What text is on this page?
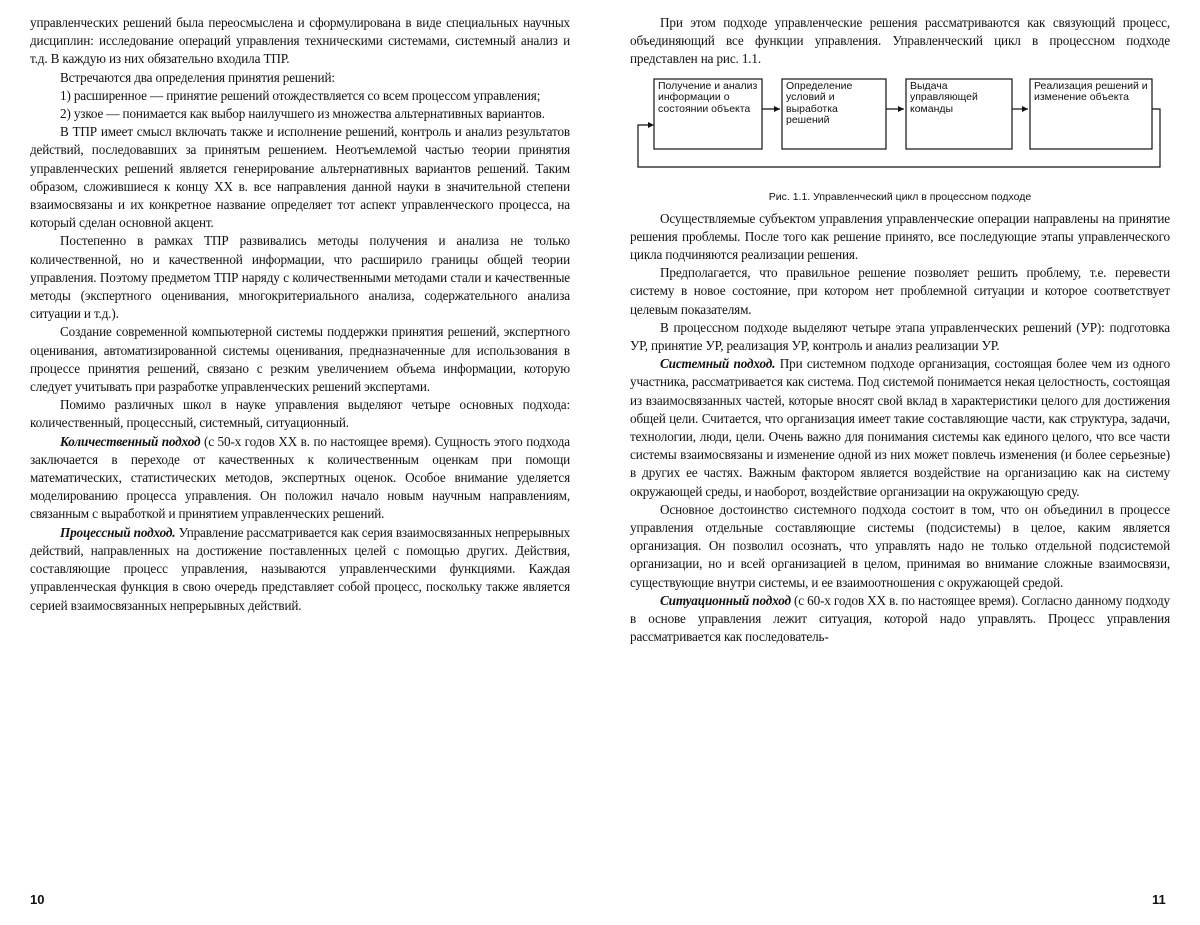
управленческих решений была переосмыслена и сформулирована в виде специальных научных дисциплин: исследование операций управления техническими системами, системный анализ и т.д. В каждую из них обязательно входила ТПР.

Встречаются два определения принятия решений:

1) расширенное — принятие решений отождествляется со всем процессом управления;

2) узкое — понимается как выбор наилучшего из множества альтернативных вариантов.

В ТПР имеет смысл включать также и исполнение решений, контроль и анализ результатов действий, последовавших за принятым решением. Неотъемлемой частью теории принятия управленческих решений является генерирование альтернативных вариантов решений. Таким образом, сложившиеся к концу XX в. все направления данной науки в значительной степени взаимосвязаны и их конкретное название определяет тот аспект управленческого процесса, на который сделан основной акцент.

Постепенно в рамках ТПР развивались методы получения и анализа не только количественной, но и качественной информации, что расширило границы общей теории управления. Поэтому предметом ТПР наряду с количественными методами стали и качественные методы (экспертного оценивания, многокритериального анализа, содержательного анализа ситуации и т.д.).

Создание современной компьютерной системы поддержки принятия решений, экспертного оценивания, автоматизированной системы оценивания, предназначенные для использования в процессе принятия решений, связано с резким увеличением объема информации, которую следует учитывать при разработке управленческих решений экспертами.

Помимо различных школ в науке управления выделяют четыре основных подхода: количественный, процессный, системный, ситуационный.

Количественный подход (с 50-х годов XX в. по настоящее время). Сущность этого подхода заключается в переходе от качественных к количественным оценкам при помощи математических, статистических методов, экспертных оценок. Особое внимание уделяется моделированию процесса управления. Он положил начало новым научным направлениям, связанным с выработкой и принятием управленческих решений.

Процессный подход. Управление рассматривается как серия взаимосвязанных непрерывных действий, направленных на достижение поставленных целей с помощью других. Действия, составляющие процесс управления, называются управленческими функциями. Каждая управленческая функция в свою очередь представляет собой процесс, поскольку также является серией взаимосвязанных непрерывных действий.

10

При этом подходе управленческие решения рассматриваются как связующий процесс, объединяющий все функции управления. Управленческий цикл в процессном подходе представлен на рис. 1.1.

Получение и анализ информации о состоянии объекта
Определение условий и выработка решений
Выдача управляющей команды
Реализация решений и изменение объекта
Рис. 1.1. Управленческий цикл в процессном подходе

Осуществляемые субъектом управления управленческие операции направлены на принятие решения проблемы. После того как решение принято, все последующие этапы управленческого цикла подчиняются реализации решения.

Предполагается, что правильное решение позволяет решить проблему, т.е. перевести систему в новое состояние, при котором нет проблемной ситуации и которое соответствует целевым показателям.

В процессном подходе выделяют четыре этапа управленческих решений (УР): подготовка УР, принятие УР, реализация УР, контроль и анализ реализации УР.

Системный подход. При системном подходе организация, состоящая более чем из одного участника, рассматривается как система. Под системой понимается некая целостность, состоящая из взаимосвязанных частей, которые вносят свой вклад в характеристики целого для достижения общей цели. Считается, что организация имеет такие составляющие части, как структура, задачи, технологии, люди, цели. Очень важно для понимания системы как единого целого, что все части системы взаимосвязаны и изменение одной из них может повлечь изменения (и более серьезные) в других ее частях. Важным фактором является воздействие на организацию как на систему окружающей среды, и наоборот, воздействие организации на окружающую среду.

Основное достоинство системного подхода состоит в том, что он объединил в процессе управления отдельные составляющие системы (подсистемы) в целое, каким является организация. Он позволил осознать, что управлять надо не только отдельной подсистемой организации, но и всей организацией в целом, принимая во внимание сложные взаимосвязи, существующие внутри системы, и ее взаимоотношения с окружающей средой.

Ситуационный подход (с 60-х годов XX в. по настоящее время). Согласно данному подходу в основе управления лежит ситуация, которой надо управлять. Процесс управления рассматривается как последователь-

11
